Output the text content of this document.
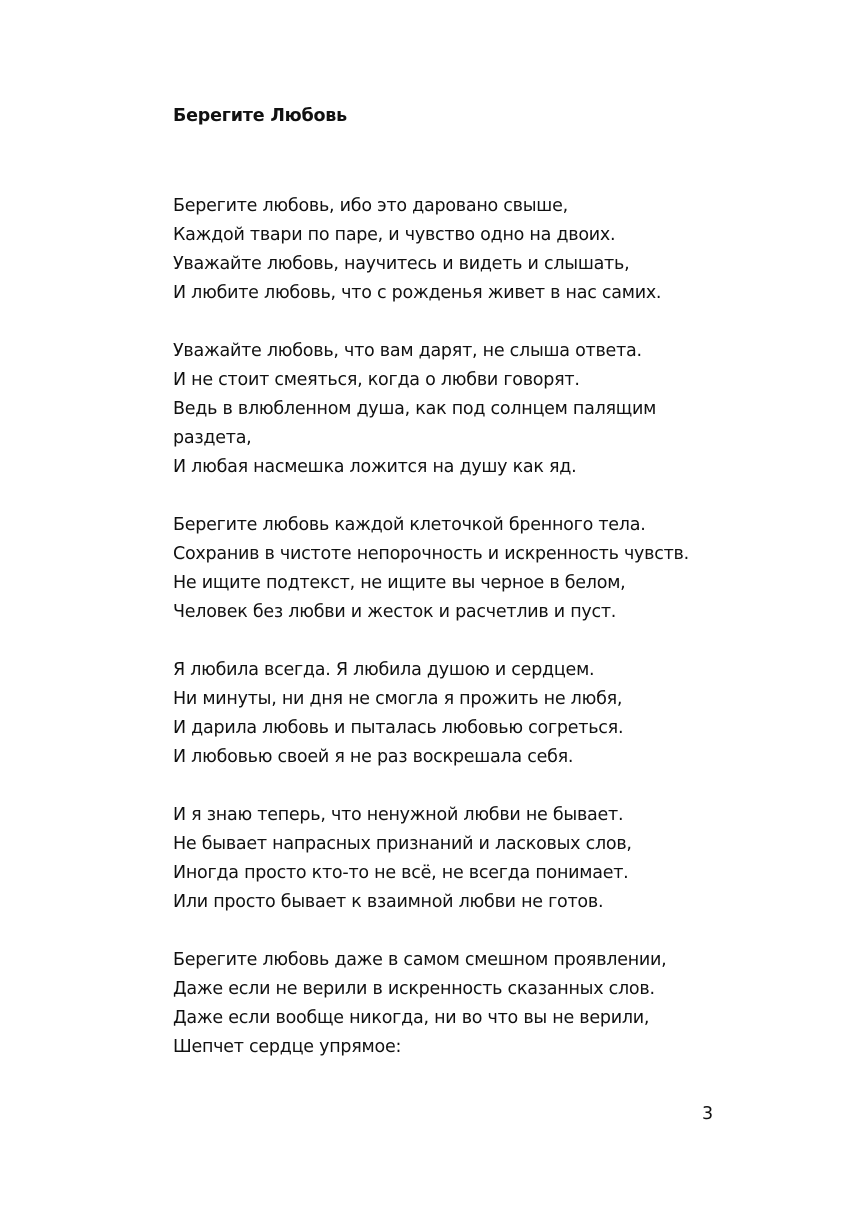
Берегите Любовь
Берегите любовь, ибо это даровано свыше,
Каждой твари по паре, и чувство одно на двоих.
Уважайте любовь, научитесь и видеть и слышать,
И любите любовь, что с рожденья живет в нас самих.
Уважайте любовь, что вам дарят, не слыша ответа.
И не стоит смеяться, когда о любви говорят.
Ведь в влюбленном душа, как под солнцем палящим
раздета,
И любая насмешка ложится на душу как яд.
Берегите любовь каждой клеточкой бренного тела.
Сохранив в чистоте непорочность и искренность чувств.
Не ищите подтекст, не ищите вы черное в белом,
Человек без любви и жесток и расчетлив и пуст.
Я любила всегда. Я любила душою и сердцем.
Ни минуты, ни дня не смогла я прожить не любя,
И дарила любовь и пыталась любовью согреться.
И любовью своей я не раз воскрешала себя.
И я знаю теперь, что ненужной любви не бывает.
Не бывает напрасных признаний и ласковых слов,
Иногда просто кто-то не всё, не всегда понимает.
Или просто бывает к взаимной любви не готов.
Берегите любовь даже в самом смешном проявлении,
Даже если не верили в искренность сказанных слов.
Даже если вообще никогда, ни во что вы не верили,
Шепчет сердце упрямое:
3
